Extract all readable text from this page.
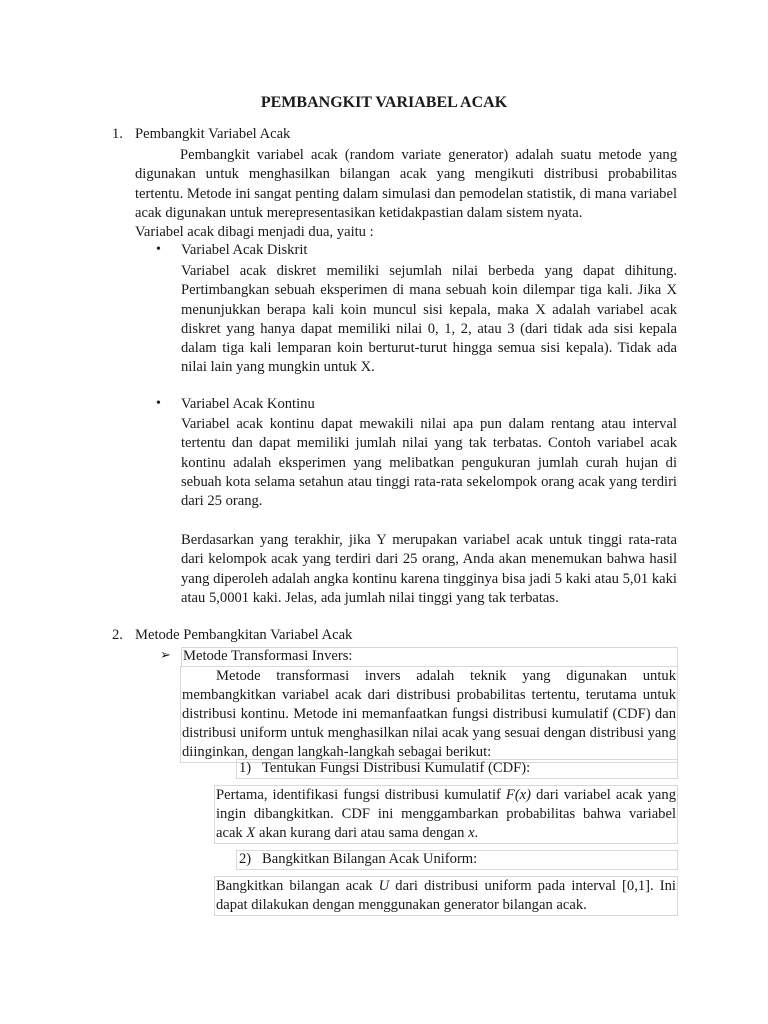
PEMBANGKIT VARIABEL ACAK
1. Pembangkit Variabel Acak
Pembangkit variabel acak (random variate generator) adalah suatu metode yang digunakan untuk menghasilkan bilangan acak yang mengikuti distribusi probabilitas tertentu. Metode ini sangat penting dalam simulasi dan pemodelan statistik, di mana variabel acak digunakan untuk merepresentasikan ketidakpastian dalam sistem nyata.
Variabel acak dibagi menjadi dua, yaitu :
• Variabel Acak Diskrit
Variabel acak diskret memiliki sejumlah nilai berbeda yang dapat dihitung. Pertimbangkan sebuah eksperimen di mana sebuah koin dilempar tiga kali. Jika X menunjukkan berapa kali koin muncul sisi kepala, maka X adalah variabel acak diskret yang hanya dapat memiliki nilai 0, 1, 2, atau 3 (dari tidak ada sisi kepala dalam tiga kali lemparan koin berturut-turut hingga semua sisi kepala). Tidak ada nilai lain yang mungkin untuk X.
• Variabel Acak Kontinu
Variabel acak kontinu dapat mewakili nilai apa pun dalam rentang atau interval tertentu dan dapat memiliki jumlah nilai yang tak terbatas. Contoh variabel acak kontinu adalah eksperimen yang melibatkan pengukuran jumlah curah hujan di sebuah kota selama setahun atau tinggi rata-rata sekelompok orang acak yang terdiri dari 25 orang.
Berdasarkan yang terakhir, jika Y merupakan variabel acak untuk tinggi rata-rata dari kelompok acak yang terdiri dari 25 orang, Anda akan menemukan bahwa hasil yang diperoleh adalah angka kontinu karena tingginya bisa jadi 5 kaki atau 5,01 kaki atau 5,0001 kaki. Jelas, ada jumlah nilai tinggi yang tak terbatas.
2. Metode Pembangkitan Variabel Acak
➢ Metode Transformasi Invers:
Metode transformasi invers adalah teknik yang digunakan untuk membangkitkan variabel acak dari distribusi probabilitas tertentu, terutama untuk distribusi kontinu. Metode ini memanfaatkan fungsi distribusi kumulatif (CDF) dan distribusi uniform untuk menghasilkan nilai acak yang sesuai dengan distribusi yang diinginkan, dengan langkah-langkah sebagai berikut:
1) Tentukan Fungsi Distribusi Kumulatif (CDF):
Pertama, identifikasi fungsi distribusi kumulatif F(x) dari variabel acak yang ingin dibangkitkan. CDF ini menggambarkan probabilitas bahwa variabel acak X akan kurang dari atau sama dengan x.
2) Bangkitkan Bilangan Acak Uniform:
Bangkitkan bilangan acak U dari distribusi uniform pada interval [0,1]. Ini dapat dilakukan dengan menggunakan generator bilangan acak.
